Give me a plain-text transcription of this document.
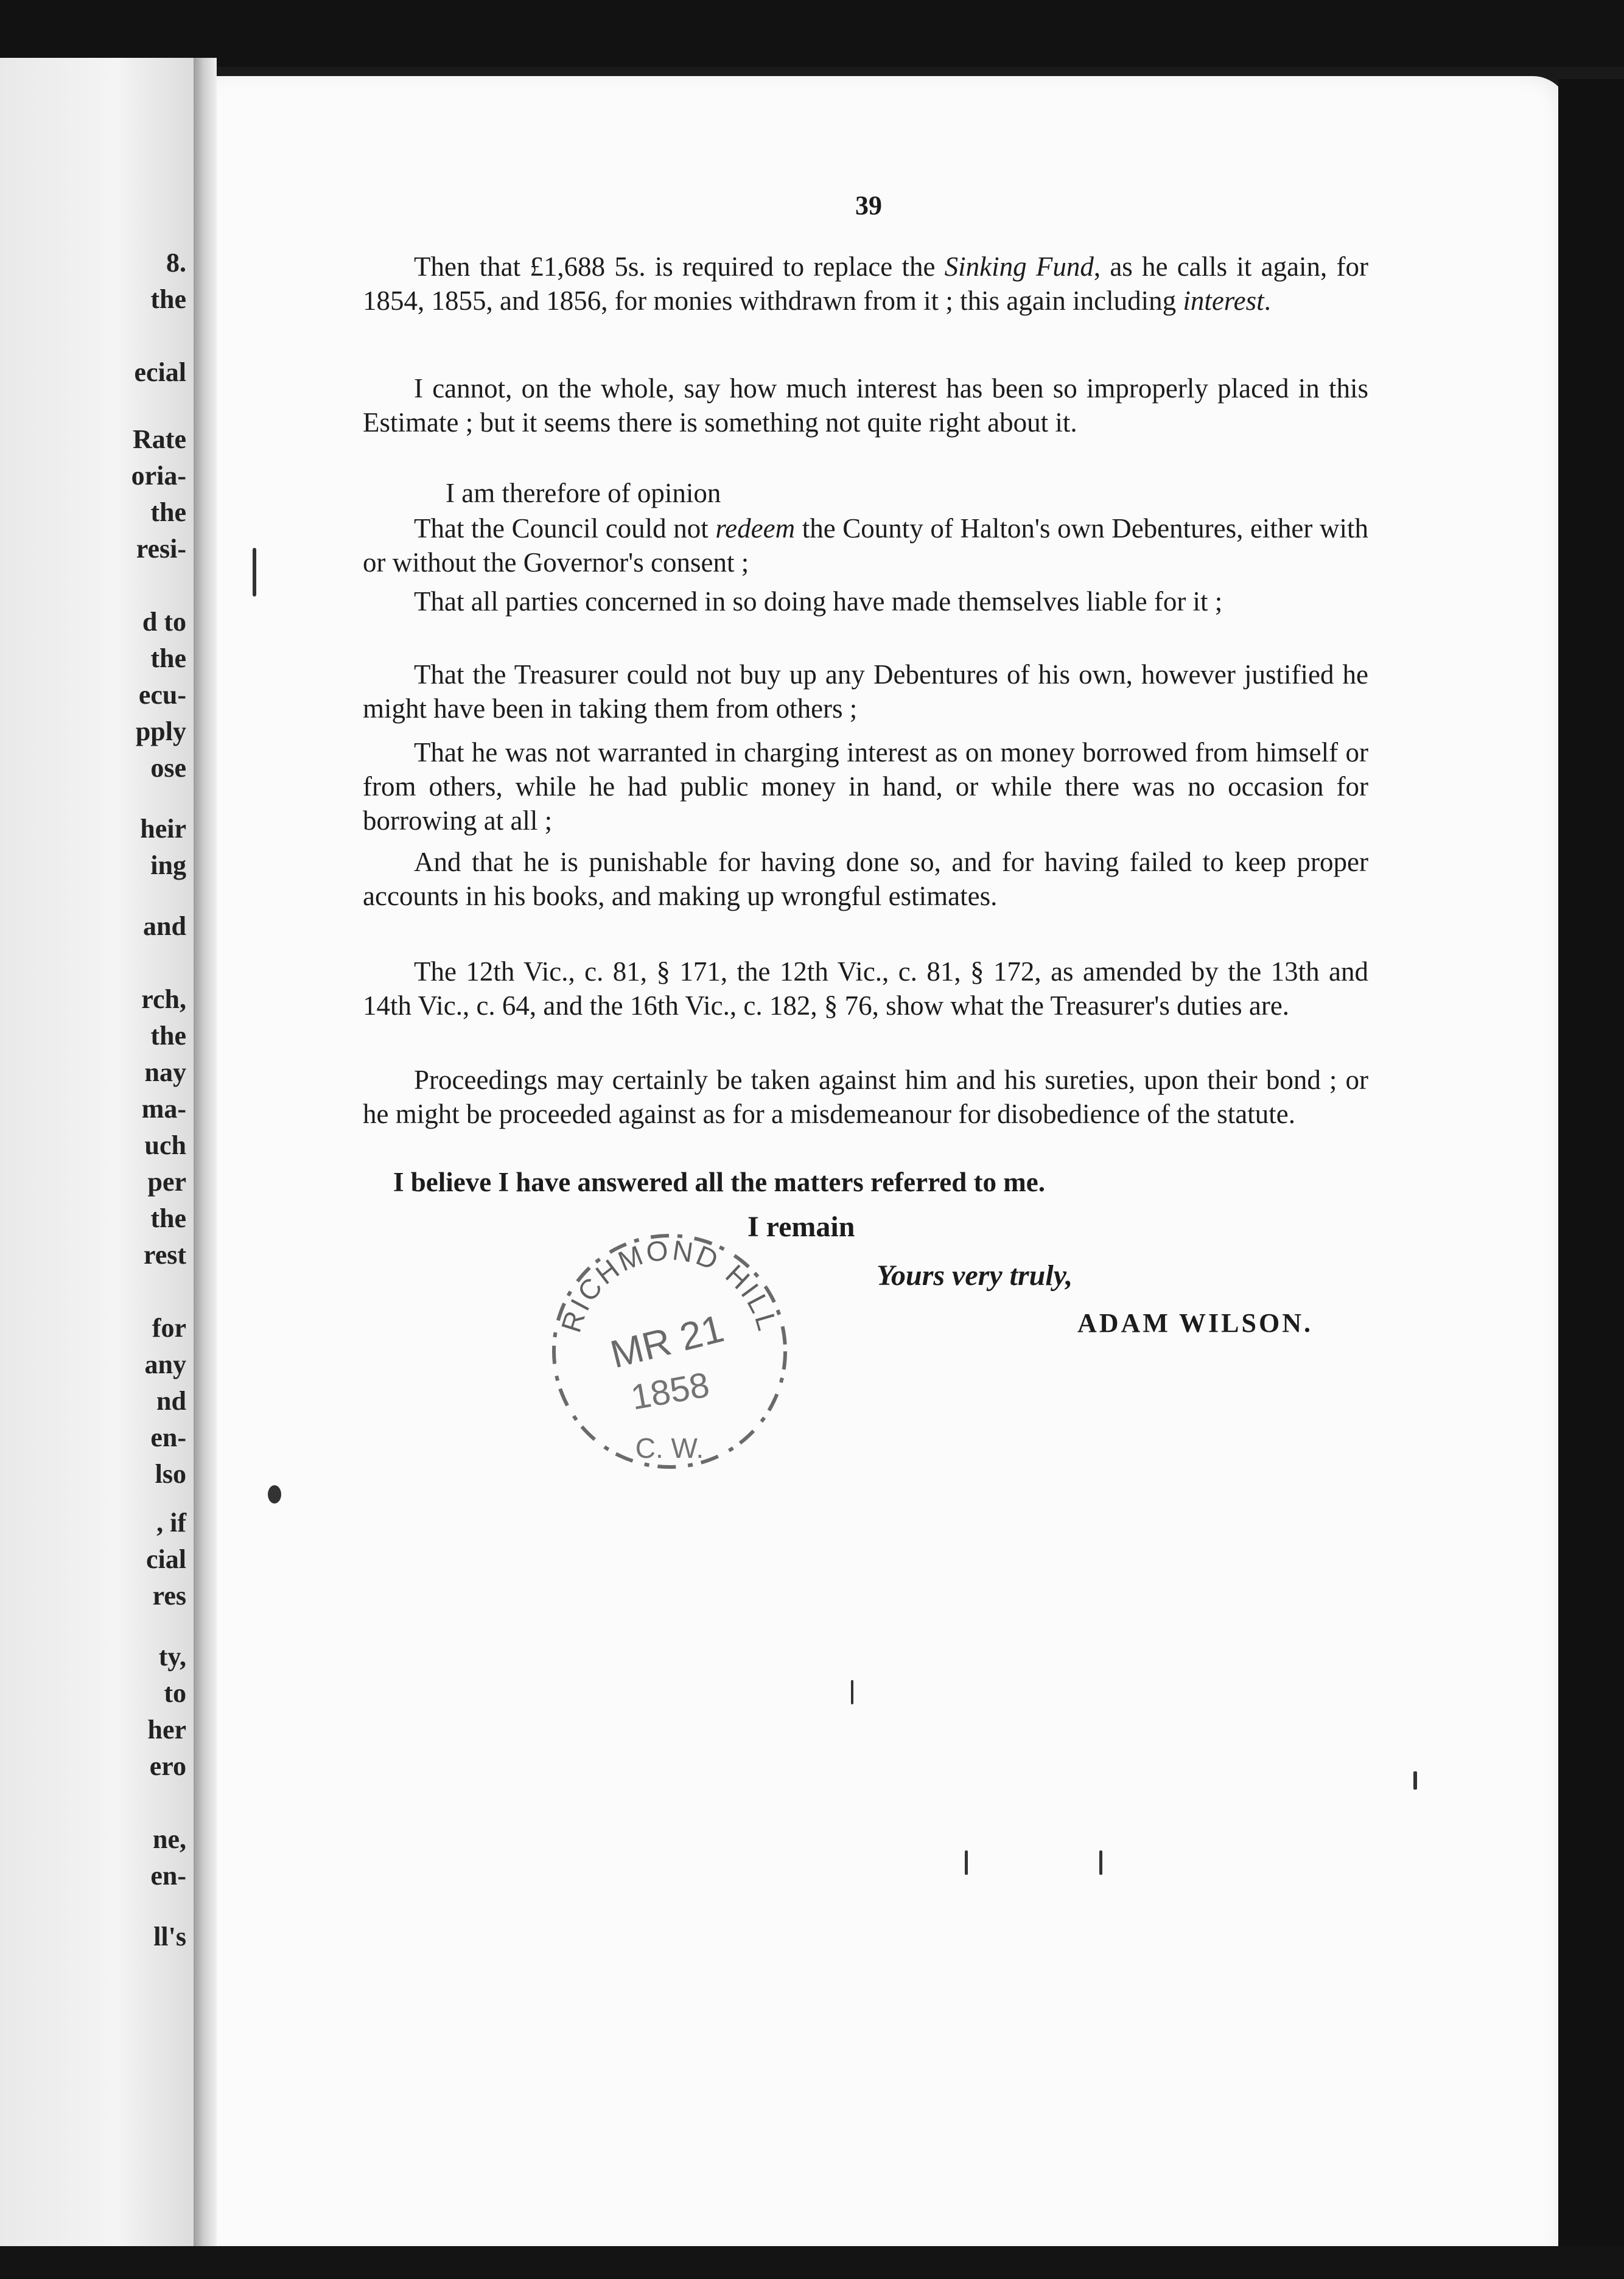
8.
the
ecial
Rate
oria-
the
resi-
d to
the
ecu-
pply
ose
heir
ing
and
rch,
the
nay
ma-
uch
per
the
rest
for
any
nd
en-
lso
, if
cial
res
ty,
to
her
ero
ne,
en-
ll's
39

Then that £1,688 5s. is required to replace the Sinking Fund, as he calls it again, for 1854, 1855, and 1856, for monies withdrawn from it ; this again including interest.

I cannot, on the whole, say how much interest has been so improperly placed in this Estimate ; but it seems there is something not quite right about it.

I am therefore of opinion

That the Council could not redeem the County of Halton's own Debentures, either with or without the Governor's consent ;

That all parties concerned in so doing have made themselves liable for it ;

That the Treasurer could not buy up any Debentures of his own, however justified he might have been in taking them from others ;

That he was not warranted in charging interest as on money borrowed from himself or from others, while he had public money in hand, or while there was no occasion for borrowing at all ;

And that he is punishable for having done so, and for having failed to keep proper accounts in his books, and making up wrongful estimates.

The 12th Vic., c. 81, § 171, the 12th Vic., c. 81, § 172, as amended by the 13th and 14th Vic., c. 64, and the 16th Vic., c. 182, § 76, show what the Treasurer's duties are.

Proceedings may certainly be taken against him and his sureties, upon their bond ; or he might be proceeded against as for a misdemeanour for disobedience of the statute.

I believe I have answered all the matters referred to me.

I remain
Yours very truly,
ADAM WILSON.
RICHMOND HILL
MR 21
1858
C. W.
